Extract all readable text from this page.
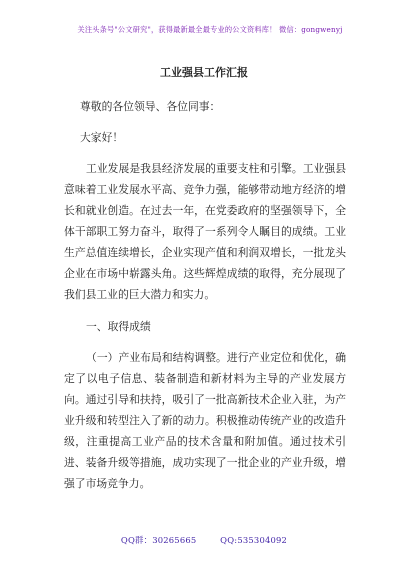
关注头条号"公文研究"，获得最新最全最专业的公文资料库！ 微信：gongwenyj
工业强县工作汇报

尊敬的各位领导、各位同事：

大家好！

工业发展是我县经济发展的重要支柱和引擎。工业强县意味着工业发展水平高、竞争力强，能够带动地方经济的增长和就业创造。在过去一年，在党委政府的坚强领导下，全体干部职工努力奋斗，取得了一系列令人瞩目的成绩。工业生产总值连续增长，企业实现产值和利润双增长，一批龙头企业在市场中崭露头角。这些辉煌成绩的取得，充分展现了我们县工业的巨大潜力和实力。

一、取得成绩

（一）产业布局和结构调整。进行产业定位和优化，确定了以电子信息、装备制造和新材料为主导的产业发展方向。通过引导和扶持，吸引了一批高新技术企业入驻，为产业升级和转型注入了新的动力。积极推动传统产业的改造升级，注重提高工业产品的技术含量和附加值。通过技术引进、装备升级等措施，成功实现了一批企业的产业升级，增强了市场竞争力。

QQ群：30265665	QQ:535304092
